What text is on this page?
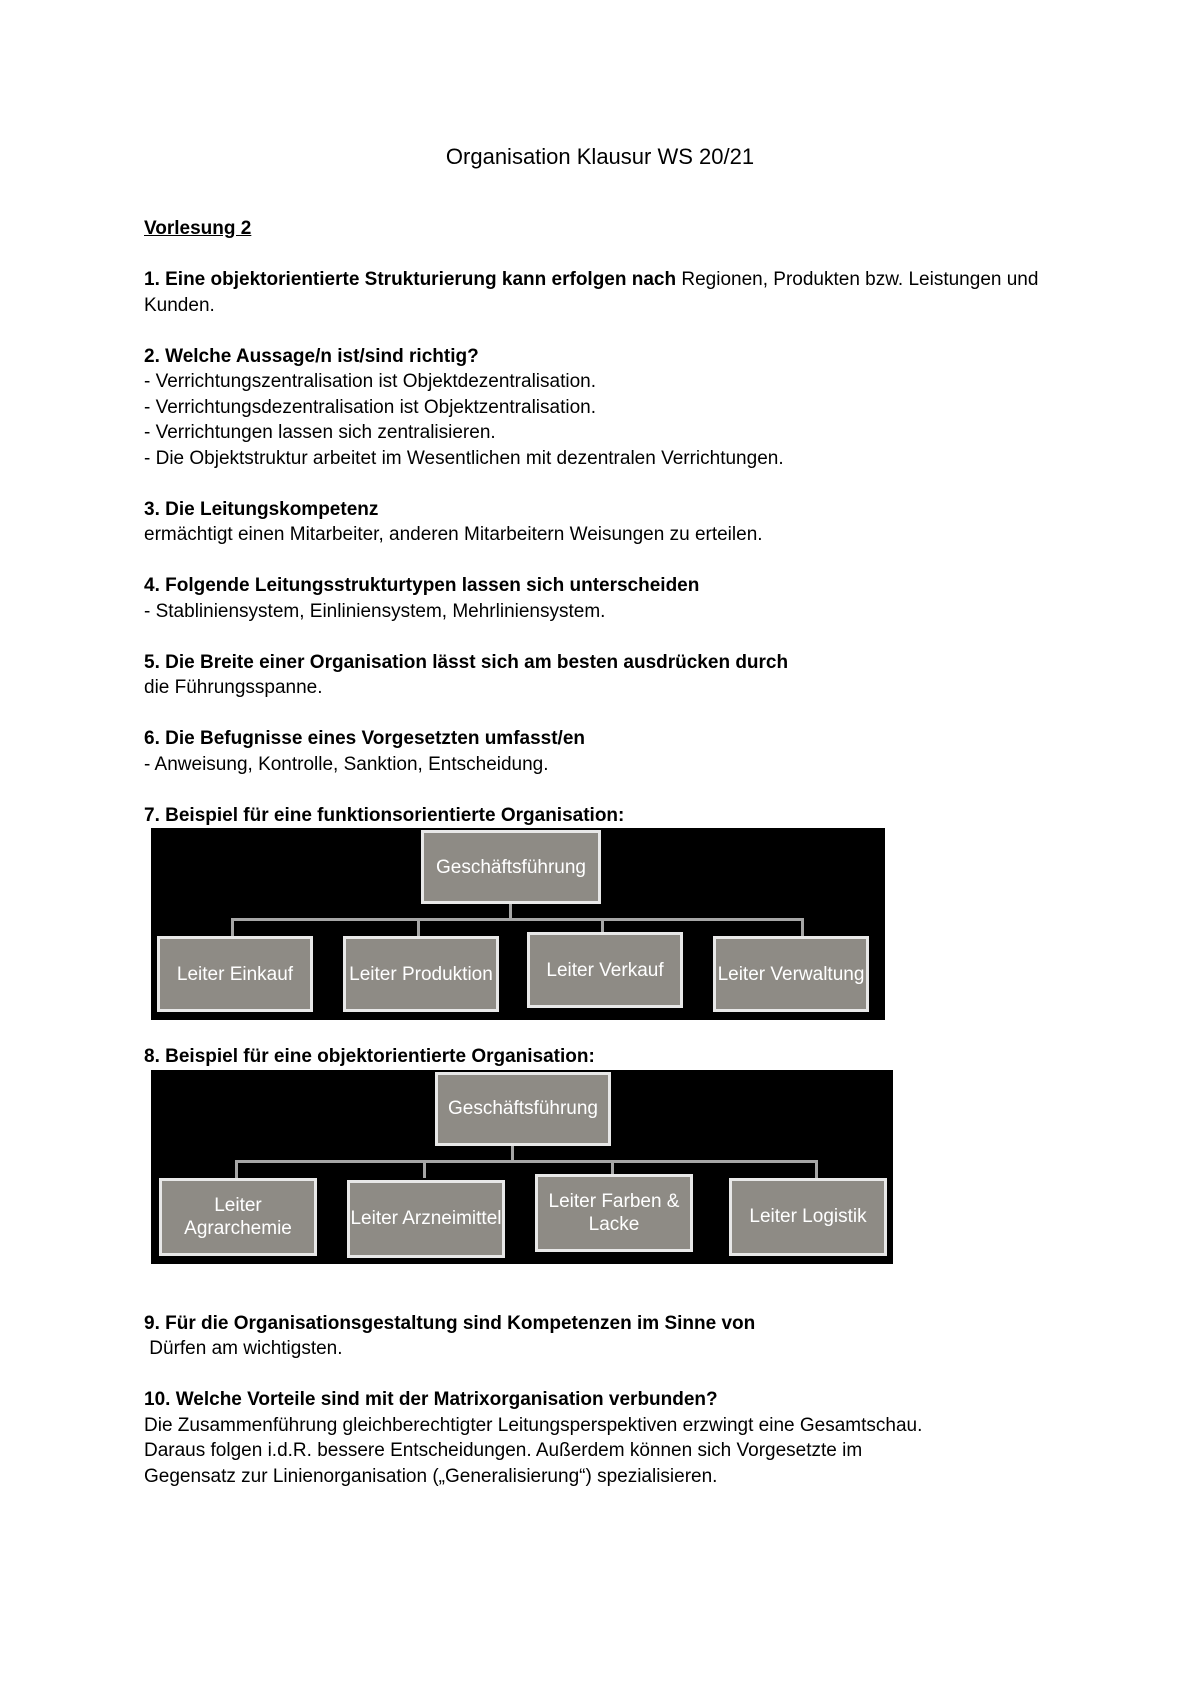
Organisation Klausur WS 20/21
Vorlesung 2
1. Eine objektorientierte Strukturierung kann erfolgen nach Regionen, Produkten bzw. Leistungen und Kunden.
2. Welche Aussage/n ist/sind richtig?
- Verrichtungszentralisation ist Objektdezentralisation.
- Verrichtungsdezentralisation ist Objektzentralisation.
- Verrichtungen lassen sich zentralisieren.
- Die Objektstruktur arbeitet im Wesentlichen mit dezentralen Verrichtungen.
3. Die Leitungskompetenz
ermächtigt einen Mitarbeiter, anderen Mitarbeitern Weisungen zu erteilen.
4. Folgende Leitungsstrukturtypen lassen sich unterscheiden
- Stabliniensystem, Einliniensystem, Mehrliniensystem.
5. Die Breite einer Organisation lässt sich am besten ausdrücken durch
die Führungsspanne.
6. Die Befugnisse eines Vorgesetzten umfasst/en
- Anweisung, Kontrolle, Sanktion, Entscheidung.
7. Beispiel für eine funktionsorientierte Organisation:
Geschäftsführung
Leiter Einkauf	Leiter Produktion	Leiter Verkauf	Leiter Verwaltung
8. Beispiel für eine objektorientierte Organisation:
Geschäftsführung
Leiter Agrarchemie	Leiter Arzneimittel
Leiter Farben & Lacke	Leiter Logistik
9. Für die Organisationsgestaltung sind Kompetenzen im Sinne von
Dürfen am wichtigsten.
10. Welche Vorteile sind mit der Matrixorganisation verbunden?
Die Zusammenführung gleichberechtigter Leitungsperspektiven erzwingt eine Gesamtschau.
Daraus folgen i.d.R. bessere Entscheidungen. Außerdem können sich Vorgesetzte im
Gegensatz zur Linienorganisation („Generalisierung“) spezialisieren.
